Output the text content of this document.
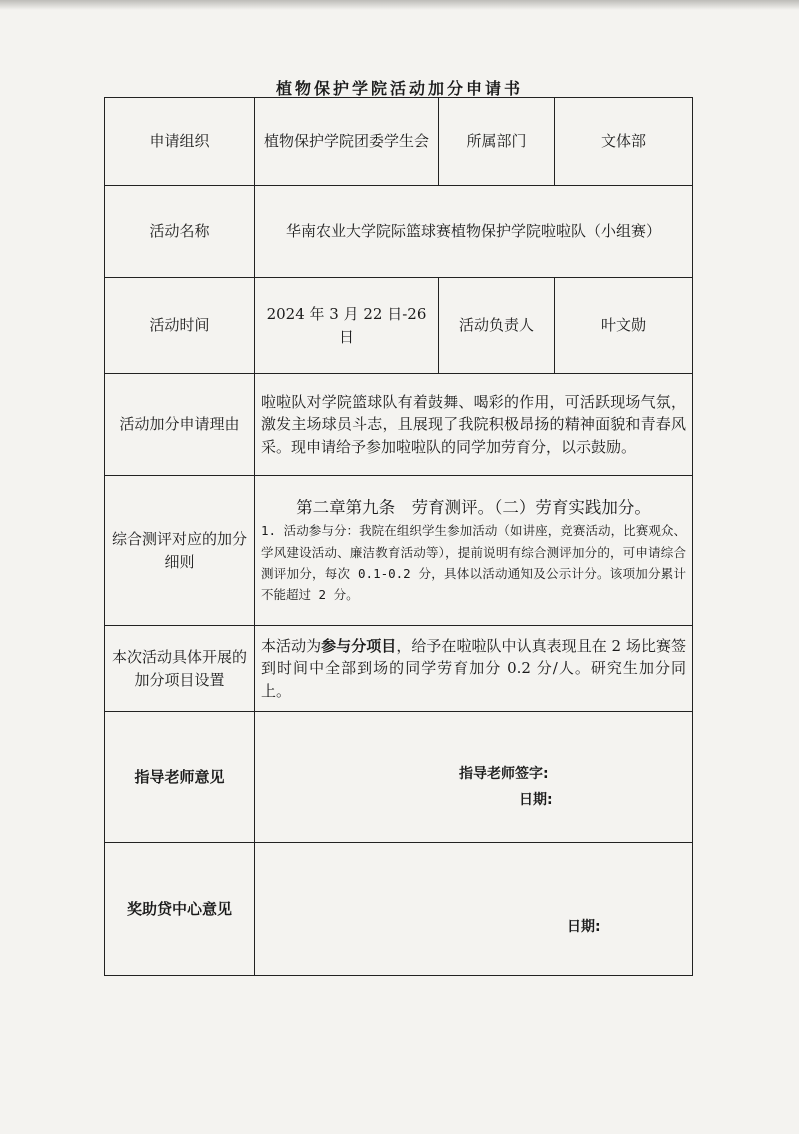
植物保护学院活动加分申请书
申请组织	植物保护学院团委学生会	所属部门	文体部
活动名称	华南农业大学院际篮球赛植物保护学院啦啦队（小组赛）		
活动时间	2024 年 3 月 22 日-26 日	活动负责人	叶文勋
活动加分申请理由	啦啦队对学院篮球队有着鼓舞、喝彩的作用，可活跃现场气氛，激发主场球员斗志，且展现了我院积极昂扬的精神面貌和青春风采。现申请给予参加啦啦队的同学加劳育分，以示鼓励。		
综合测评对应的加分细则	第二章第九条　劳育测评。（二）劳育实践加分。
1. 活动参与分：我院在组织学生参加活动（如讲座，竞赛活动，比赛观众、学风建设活动、廉洁教育活动等），提前说明有综合测评加分的，可申请综合测评加分，每次 0.1-0.2 分，具体以活动通知及公示计分。该项加分累计不能超过 2 分。		

本次活动具体开展的加分项目设置	本活动为参与分项目，给予在啦啦队中认真表现且在 2 场比赛签到时间中全部到场的同学劳育加分 0.2 分/人。研究生加分同上。		
指导老师意见	指导老师签字:
日期:		

奖助贷中心意见	日期:		
